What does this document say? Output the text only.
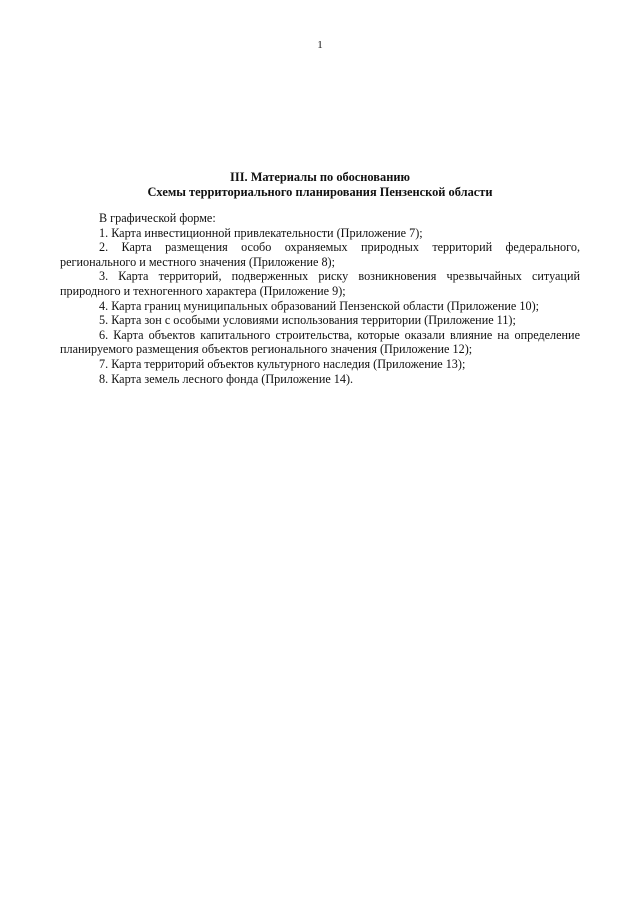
1
III. Материалы по обоснованию
Схемы территориального планирования Пензенской области

В графической форме:

1. Карта инвестиционной привлекательности (Приложение 7);

2. Карта размещения особо охраняемых природных территорий федерального, регионального и местного значения (Приложение 8);

3. Карта территорий, подверженных риску возникновения чрезвычайных ситуаций природного и техногенного характера (Приложение 9);

4. Карта границ муниципальных образований Пензенской области (Приложение 10);

5. Карта зон с особыми условиями использования территории (Приложение 11);

6. Карта объектов капитального строительства, которые оказали влияние на определение планируемого размещения объектов регионального значения (Приложение 12);

7. Карта территорий объектов культурного наследия (Приложение 13);

8. Карта земель лесного фонда (Приложение 14).
